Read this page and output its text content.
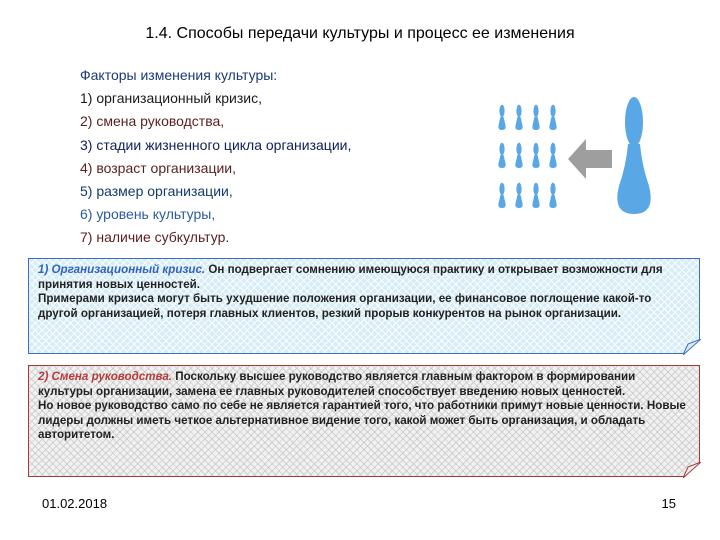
1.4. Способы передачи культуры и процесс ее изменения
Факторы изменения культуры:
1) организационный кризис,
2) смена руководства,
3) стадии жизненного цикла организации,
4) возраст организации,
5) размер организации,
6) уровень культуры,
7) наличие субкультур.

1) Организационный кризис. Он подвергает сомнению имеющуюся практику и открывает возможности для принятия новых ценностей.

Примерами кризиса могут быть ухудшение положения организации, ее финансовое поглощение какой-то другой организацией, потеря главных клиентов, резкий прорыв конкурентов на рынок организации.

2) Смена руководства. Поскольку высшее руководство является главным фактором в формировании культуры организации, замена ее главных руководителей способствует введению новых ценностей.

Но новое руководство само по себе не является гарантией того, что работники примут новые ценности. Новые лидеры должны иметь четкое альтернативное видение того, какой может быть организация, и обладать авторитетом.

01.02.2018	15
